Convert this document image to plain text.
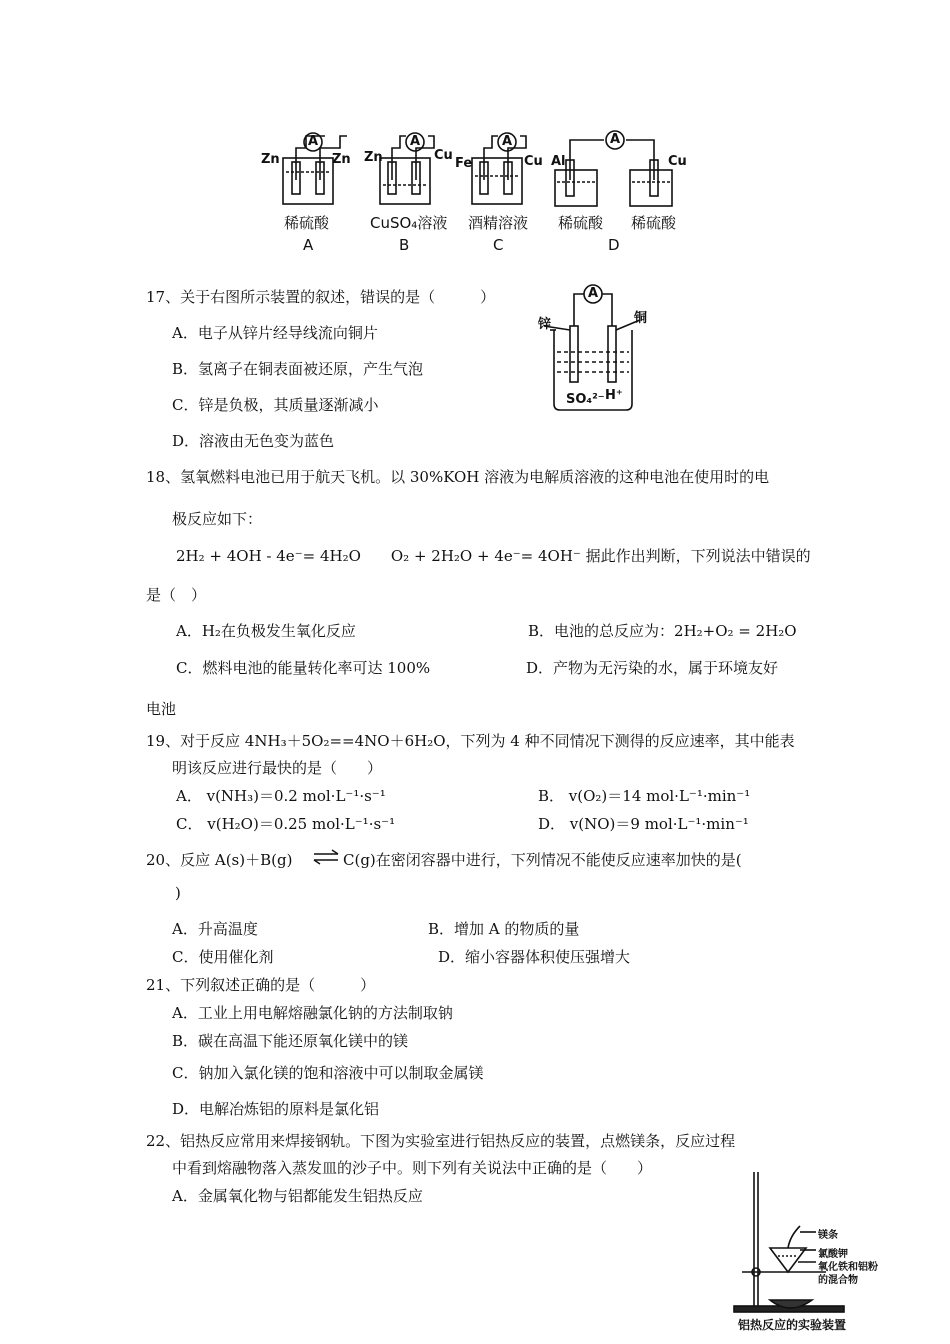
A	A	A	A
Zn	Zn Zn	Cu
Fe	Cu Al	Cu
稀硫酸	CuSO₄溶液 酒精溶液 稀硫酸 稀硫酸
A	B	C	D
17、关于右图所示装置的叙述，错误的是（　　　）
A．电子从锌片经导线流向铜片
B．氢离子在铜表面被还原，产生气泡
C．锌是负极，其质量逐渐减小
D．溶液由无色变为蓝色
A
锌	铜
SO₄²⁻ H⁺
18、氢氧燃料电池已用于航天飞机。以 30%KOH 溶液为电解质溶液的这种电池在使用时的电
极反应如下：
2H₂ + 4OH - 4e⁻= 4H₂O　　O₂ + 2H₂O + 4e⁻= 4OH⁻ 据此作出判断，下列说法中错误的
是（　）
A．H₂在负极发生氧化反应	B．电池的总反应为：2H₂+O₂ = 2H₂O
C．燃料电池的能量转化率可达 100%	D．产物为无污染的水，属于环境友好
电池
19、对于反应 4NH₃＋5O₂==4NO＋6H₂O，下列为 4 种不同情况下测得的反应速率，其中能表
明该反应进行最快的是（　　）
A． v(NH₃)＝0.2 mol·L⁻¹·s⁻¹	B． v(O₂)＝14 mol·L⁻¹·min⁻¹
C． v(H₂O)＝0.25 mol·L⁻¹·s⁻¹	D． v(NO)＝9 mol·L⁻¹·min⁻¹
20、反应 A(s)＋B(g) ⇌ C(g)在密闭容器中进行，下列情况不能使反应速率加快的是(
)
A．升高温度	B．增加 A 的物质的量
C．使用催化剂	D．缩小容器体积使压强增大
21、下列叙述正确的是（　　　）
A．工业上用电解熔融氯化钠的方法制取钠
B．碳在高温下能还原氧化镁中的镁
C．钠加入氯化镁的饱和溶液中可以制取金属镁
D．电解冶炼铝的原料是氯化铝
22、铝热反应常用来焊接钢轨。下图为实验室进行铝热反应的装置，点燃镁条，反应过程
中看到熔融物落入蒸发皿的沙子中。则下列有关说法中正确的是（　　）
A．金属氧化物与铝都能发生铝热反应
镁条
氯酸钾
氧化铁和铝粉
的混合物
铝热反应的实验装置
